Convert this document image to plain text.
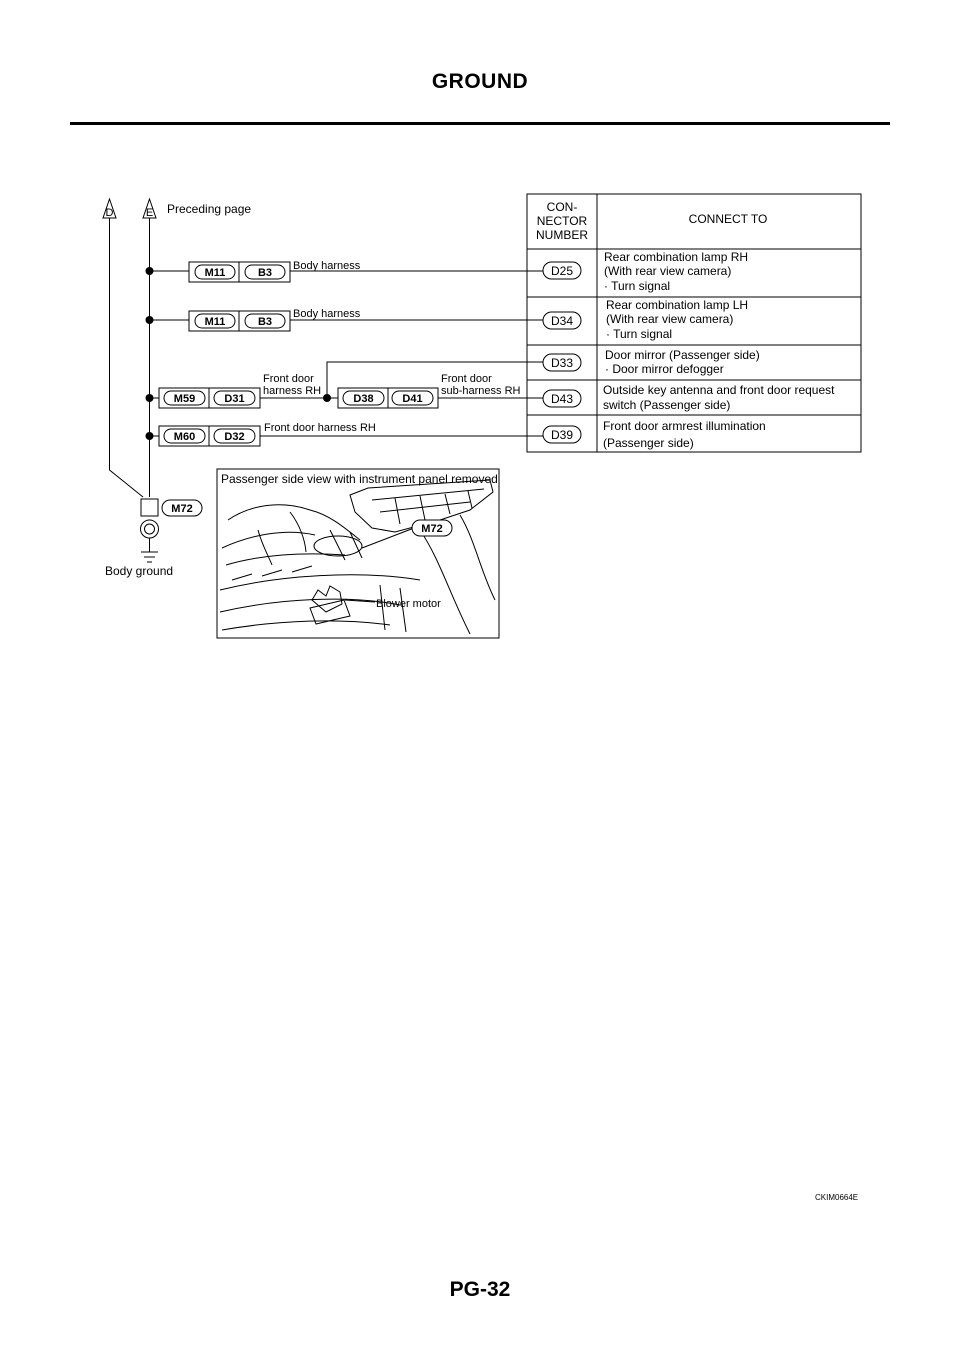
GROUND
CON-
NECTOR
NUMBER
CONNECT TO
D25
Rear combination lamp RH
(With rear view camera)
· Turn signal
D34
Rear combination lamp LH
(With rear view camera)
· Turn signal
D33
Door mirror (Passenger side)
· Door mirror defogger
D43
Outside key antenna and front door request
switch (Passenger side)
D39
Front door armrest illumination
(Passenger side)
D	E Preceding page
M11	B3
Body harness
M11	B3
Body harness
M59	D31
Front door
harness RH
D38	D41
Front door
sub-harness RH
M60	D32
Front door harness RH
M72
Body ground
M72
Blower motor
Passenger side view with instrument panel removed
CKIM0664E
PG-32
